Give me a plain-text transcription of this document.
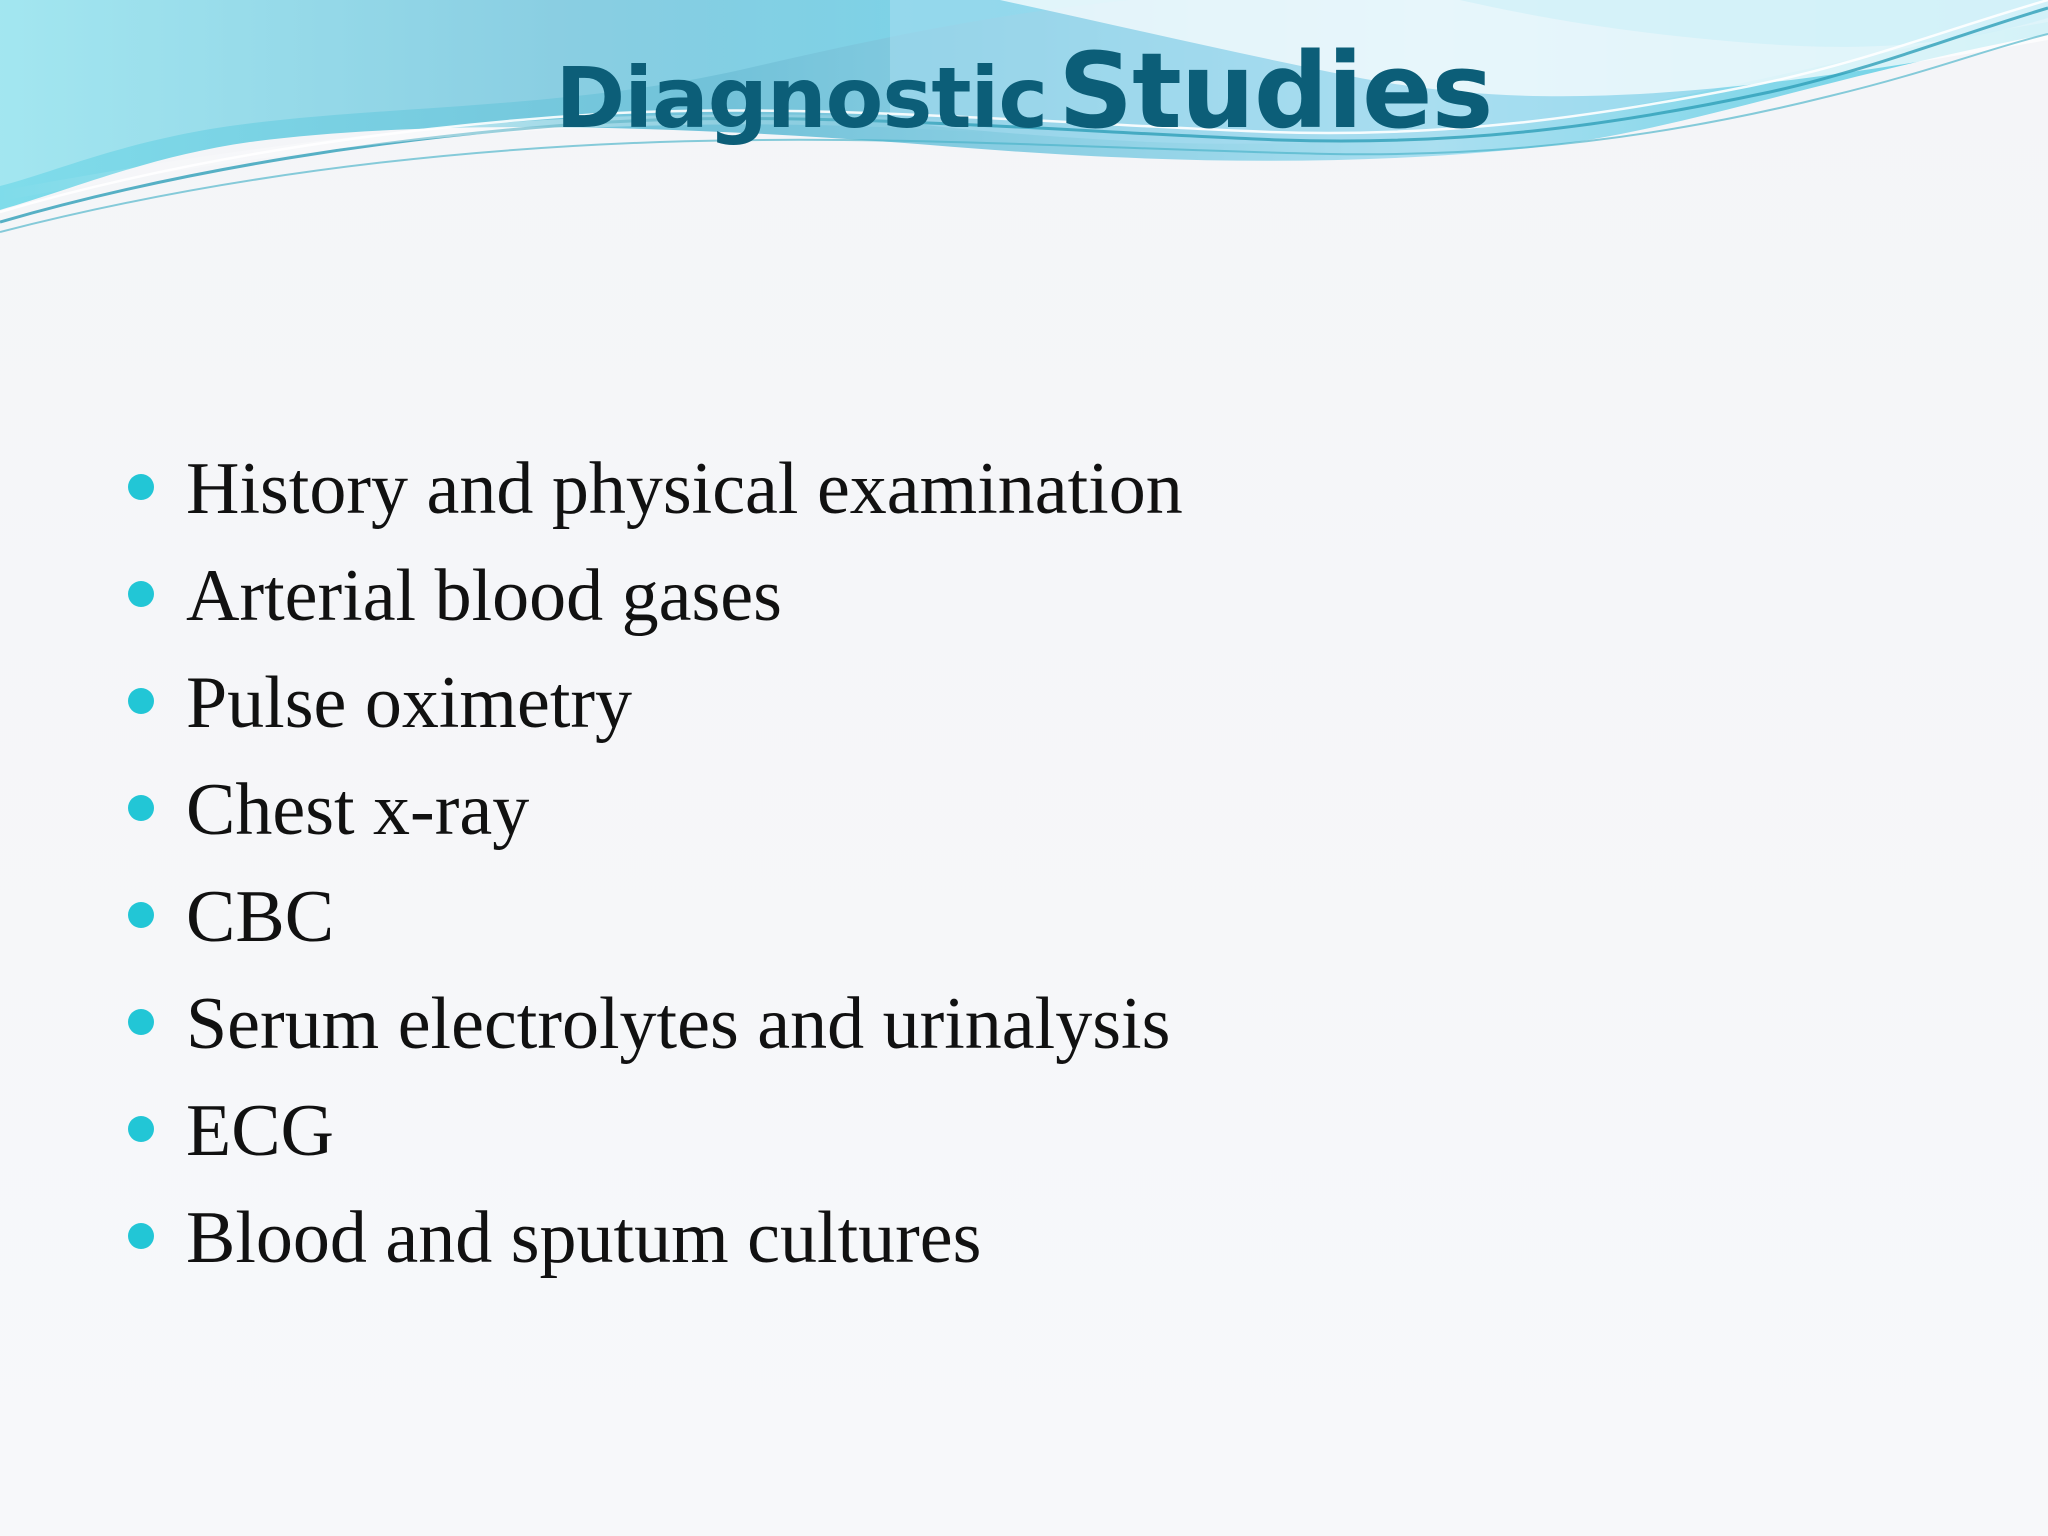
Diagnostic Studies
History and physical examination
Arterial blood gases
Pulse oximetry
Chest x-ray
CBC
Serum electrolytes and urinalysis
ECG
Blood and sputum cultures
